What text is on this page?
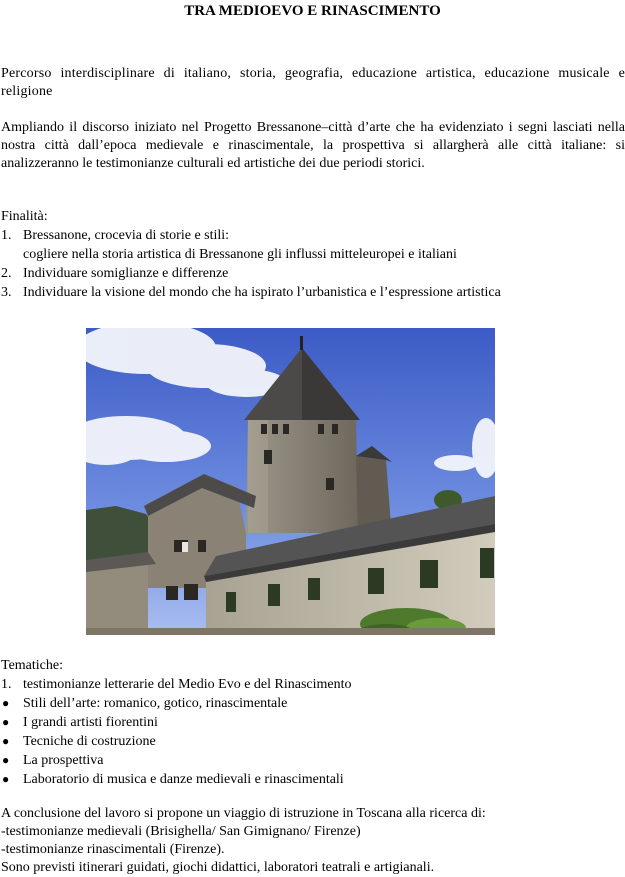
TRA MEDIOEVO E RINASCIMENTO

Percorso interdisciplinare di italiano, storia, geografia, educazione artistica, educazione musicale e religione

Ampliando il discorso iniziato nel Progetto Bressanone–città d’arte che ha evidenziato i segni lasciati nella nostra città dall’epoca medievale e rinascimentale, la prospettiva si allargherà alle città italiane: si analizzeranno le testimonianze culturali ed artistiche dei due periodi storici.

Finalità:
1. Bressanone, crocevia di storie e stili:
cogliere nella storia artistica di Bressanone gli influssi mitteleuropei e italiani
2. Individuare somiglianze e differenze
3. Individuare la visione del mondo che ha ispirato l’urbanistica e l’espressione artistica
Tematiche:
1. testimonianze letterarie del Medio Evo e del Rinascimento
● Stili dell’arte: romanico, gotico, rinascimentale
● I grandi artisti fiorentini
● Tecniche di costruzione
● La prospettiva
● Laboratorio di musica e danze medievali e rinascimentali
A conclusione del lavoro si propone un viaggio di istruzione in Toscana alla ricerca di:
-testimonianze medievali (Brisighella/ San Gimignano/ Firenze)
-testimonianze rinascimentali (Firenze).
Sono previsti itinerari guidati, giochi didattici, laboratori teatrali e artigianali.
